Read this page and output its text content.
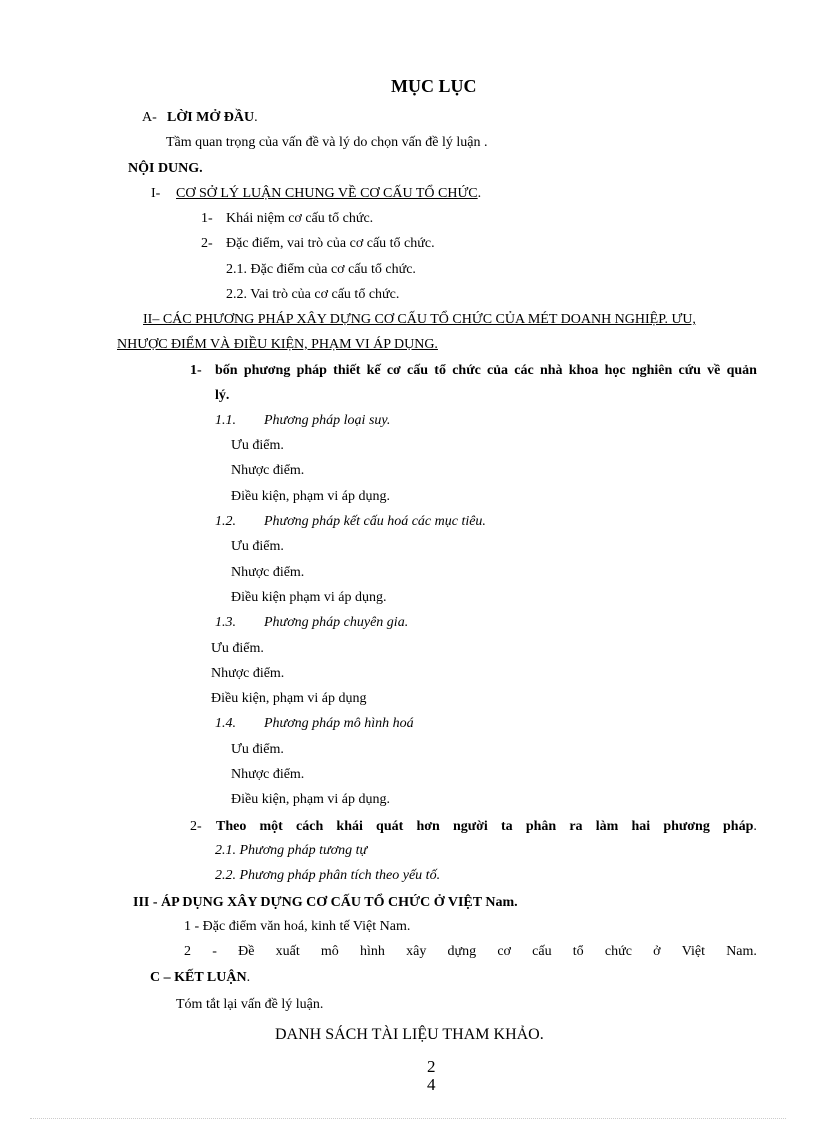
MỤC LỤC
A- LỜI MỞ ĐẦU.
Tầm quan trọng của vấn đề và lý do chọn vấn đề lý luận .
NỘI DUNG.
I- CƠ SỞ LÝ LUẬN CHUNG VỀ CƠ CẤU TỔ CHỨC.
1- Khái niệm cơ cấu tổ chức.
2- Đặc điểm, vai trò của cơ cấu tổ chức.
2.1. Đặc điểm của cơ cấu tổ chức.
2.2. Vai trò của cơ cấu tổ chức.
II– CÁC PHƯƠNG PHÁP XÂY DỰNG CƠ CẤU TỔ CHỨC CỦA MÉT DOANH NGHIỆP. ƯU,
NHƯỢC ĐIỂM VÀ ĐIỀU KIỆN, PHẠM VI ÁP DỤNG.
1- bốn phương pháp thiết kế cơ cấu tổ chức của các nhà khoa học nghiên cứu về quản
lý.
1.1. Phương pháp loại suy.
Ưu điểm.
Nhược điểm.
Điều kiện, phạm vi áp dụng.
1.2. Phương pháp kết cấu hoá các mục tiêu.
Ưu điểm.
Nhược điểm.
Điều kiện phạm vi áp dụng.
1.3. Phương pháp chuyên gia.
Ưu điểm.
Nhược điểm.
Điều kiện, phạm vi áp dụng
1.4. Phương pháp mô hình hoá
Ưu điểm.
Nhược điểm.
Điều kiện, phạm vi áp dụng.
2- Theo một cách khái quát hơn người ta phân ra làm hai phương pháp.
2.1. Phương pháp tương tự
2.2. Phương pháp phân tích theo yếu tố.
III - ÁP DỤNG XÂY DỰNG CƠ CẤU TỔ CHỨC Ở VIỆT Nam.
1 - Đặc điểm văn hoá, kinh tế Việt Nam.
2 - Đề xuất mô hình xây dựng cơ cấu tổ chức ở Việt Nam.
C – KẾT LUẬN.
Tóm tắt lại vấn đề lý luận.
DANH SÁCH TÀI LIỆU THAM KHẢO.
2
4
